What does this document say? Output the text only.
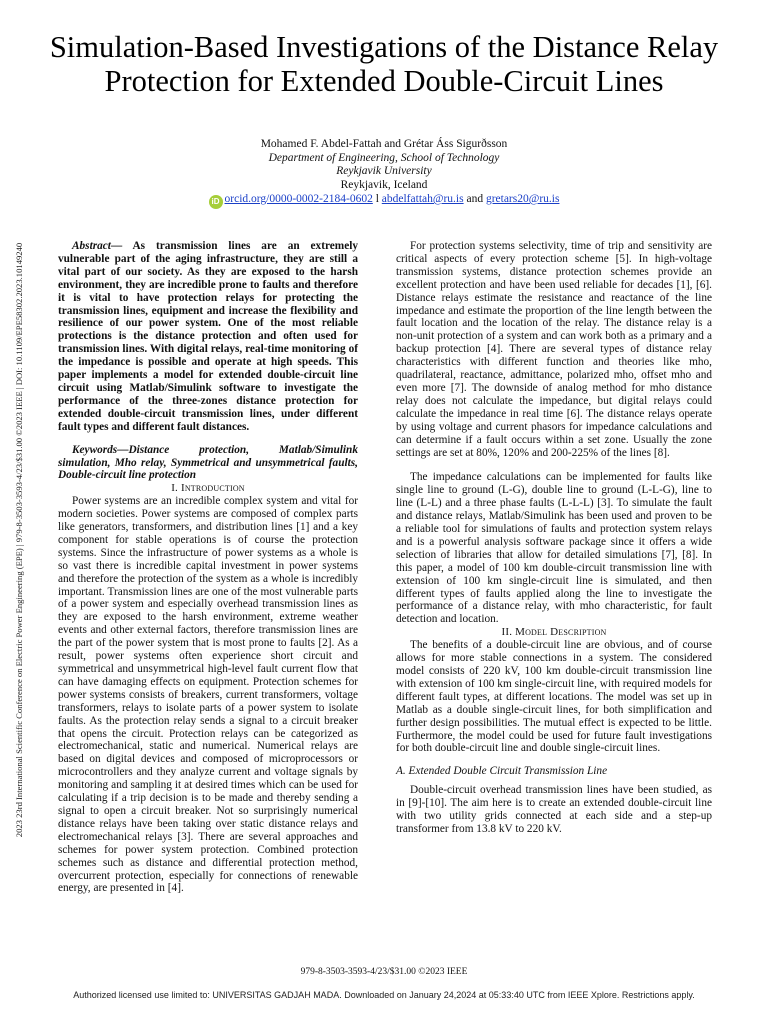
2023 23rd International Scientific Conference on Electric Power Engineering (EPE) | 979-8-3503-3593-4/23/$31.00 ©2023 IEEE | DOI: 10.1109/EPE58302.2023.10149240
Simulation-Based Investigations of the Distance Relay Protection for Extended Double-Circuit Lines
Mohamed F. Abdel-Fattah and Grétar Áss Sigurðsson
Department of Engineering, School of Technology
Reykjavik University
Reykjavik, Iceland
iD orcid.org/0000-0002-2184-0602 l abdelfattah@ru.is and gretars20@ru.is

Abstract— As transmission lines are an extremely vulnerable part of the aging infrastructure, they are still a vital part of our society. As they are exposed to the harsh environment, they are incredible prone to faults and therefore it is vital to have protection relays for protecting the transmission lines, equipment and increase the flexibility and resilience of our power system. One of the most reliable protections is the distance protection and often used for transmission lines. With digital relays, real-time monitoring of the impedance is possible and operate at high speeds. This paper implements a model for extended double-circuit line circuit using Matlab/Simulink software to investigate the performance of the three-zones distance protection for extended double-circuit transmission lines, under different fault types and different fault distances.

Keywords—Distance protection, Matlab/Simulink simulation, Mho relay, Symmetrical and unsymmetrical faults, Double-circuit line protection

I. Introduction

Power systems are an incredible complex system and vital for modern societies. Power systems are composed of complex parts like generators, transformers, and distribution lines [1] and a key component for stable operations is of course the protection systems. Since the infrastructure of power systems as a whole is so vast there is incredible capital investment in power systems and therefore the protection of the system as a whole is incredibly important. Transmission lines are one of the most vulnerable parts of a power system and especially overhead transmission lines as they are exposed to the harsh environment, extreme weather events and other external factors, therefore transmission lines are the part of the power system that is most prone to faults [2]. As a result, power systems often experience short circuit and symmetrical and unsymmetrical high-level fault current flow that can have damaging effects on equipment. Protection schemes for power systems consists of breakers, current transformers, voltage transformers, relays to isolate parts of a power system to isolate faults. As the protection relay sends a signal to a circuit breaker that opens the circuit. Protection relays can be categorized as electromechanical, static and numerical. Numerical relays are based on digital devices and composed of microprocessors or microcontrollers and they analyze current and voltage signals by monitoring and sampling it at desired times which can be used for calculating if a trip decision is to be made and thereby sending a signal to open a circuit breaker. Not so surprisingly numerical distance relays have been taking over static distance relays and electromechanical relays [3]. There are several approaches and schemes for power system protection. Combined protection schemes such as distance and differential protection method, overcurrent protection, especially for connections of renewable energy, are presented in [4].

For protection systems selectivity, time of trip and sensitivity are critical aspects of every protection scheme [5]. In high-voltage transmission systems, distance protection schemes provide an excellent protection and have been used reliable for decades [1], [6]. Distance relays estimate the resistance and reactance of the line impedance and estimate the proportion of the line length between the fault location and the location of the relay. The distance relay is a non-unit protection of a system and can work both as a primary and a backup protection [4]. There are several types of distance relay characteristics with different function and theories like mho, quadrilateral, reactance, admittance, polarized mho, offset mho and even more [7]. The downside of analog method for mho distance relay does not calculate the impedance, but digital relays could calculate the impedance in real time [6]. The distance relays operate by using voltage and current phasors for impedance calculations and can determine if a fault occurs within a set zone. Usually the zone settings are set at 80%, 120% and 200-225% of the lines [8].

The impedance calculations can be implemented for faults like single line to ground (L-G), double line to ground (L-L-G), line to line (L-L) and a three phase faults (L-L-L) [3]. To simulate the fault and distance relays, Matlab/Simulink has been used and proven to be a reliable tool for simulations of faults and protection system relays and is a powerful analysis software package since it offers a wide selection of libraries that allow for detailed simulations [7], [8]. In this paper, a model of 100 km double-circuit transmission line with extension of 100 km single-circuit line is simulated, and then different types of faults applied along the line to investigate the performance of a distance relay, with mho characteristic, for fault detection and location.

II. Model Description

The benefits of a double-circuit line are obvious, and of course allows for more stable connections in a system. The considered model consists of 220 kV, 100 km double-circuit transmission line with extension of 100 km single-circuit line, with required models for different fault types, at different locations. The model was set up in Matlab as a double single-circuit lines, for both simplification and further design possibilities. The mutual effect is expected to be little. Furthermore, the model could be used for future fault investigations for both double-circuit line and double single-circuit lines.

A. Extended Double Circuit Transmission Line

Double-circuit overhead transmission lines have been studied, as in [9]-[10]. The aim here is to create an extended double-circuit line with two utility grids connected at each side and a step-up transformer from 13.8 kV to 220 kV.

979-8-3503-3593-4/23/$31.00 ©2023 IEEE
Authorized licensed use limited to: UNIVERSITAS GADJAH MADA. Downloaded on January 24,2024 at 05:33:40 UTC from IEEE Xplore. Restrictions apply.
